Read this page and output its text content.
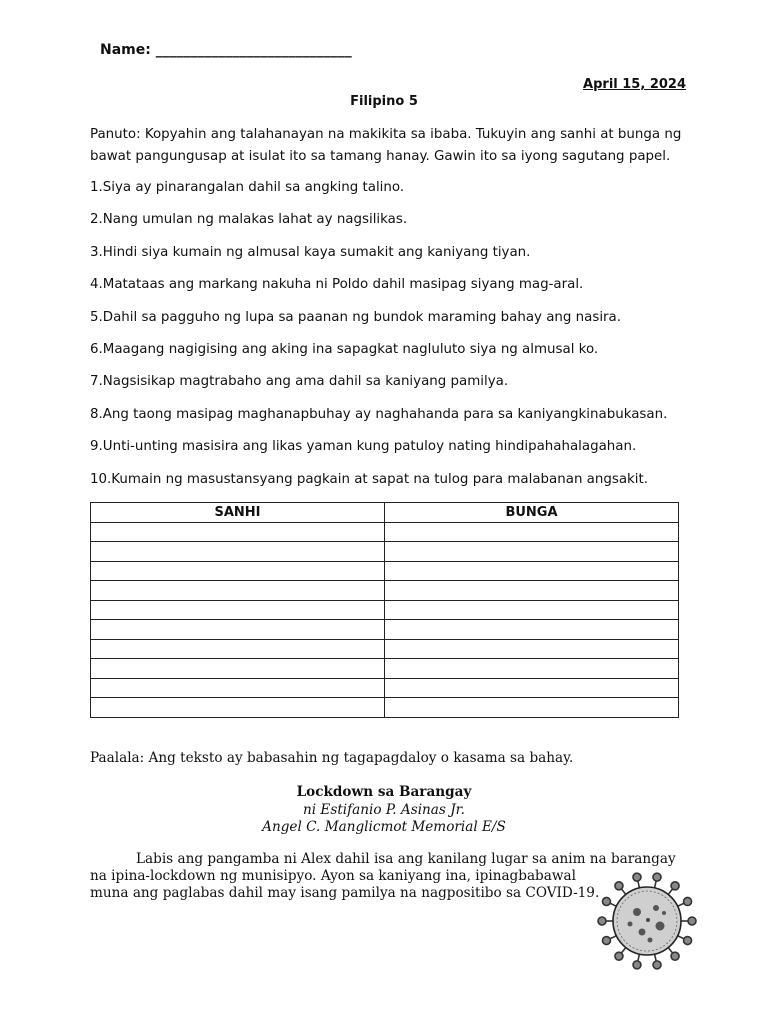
Name: ____________________________
April 15, 2024
Filipino 5
Panuto: Kopyahin ang talahanayan na makikita sa ibaba. Tukuyin ang sanhi at bunga ng bawat pangungusap at isulat ito sa tamang hanay. Gawin ito sa iyong sagutang papel.
1.Siya ay pinarangalan dahil sa angking talino.
2.Nang umulan ng malakas lahat ay nagsilikas.
3.Hindi siya kumain ng almusal kaya sumakit ang kaniyang tiyan.
4.Matataas ang markang nakuha ni Poldo dahil masipag siyang mag-aral.
5.Dahil sa pagguho ng lupa sa paanan ng bundok maraming bahay ang nasira.
6.Maagang nagigising ang aking ina sapagkat nagluluto siya ng almusal ko.
7.Nagsisikap magtrabaho ang ama dahil sa kaniyang pamilya.
8.Ang taong masipag maghanapbuhay ay naghahanda para sa kaniyangkinabukasan.
9.Unti-unting masisira ang likas yaman kung patuloy nating hindipahahalagahan.
10.Kumain ng masustansyang pagkain at sapat na tulog para malabanan angsakit.
SANHI	BUNGA

Paalala: Ang teksto ay babasahin ng tagapagdaloy o kasama sa bahay.
Lockdown sa Barangay
ni Estifanio P. Asinas Jr.
Angel C. Manglicmot Memorial E/S

Labis ang pangamba ni Alex dahil isa ang kanilang lugar sa anim na barangay

na ipina-lockdown ng munisipyo. Ayon sa kaniyang ina, ipinagbabawal

muna ang paglabas dahil may isang pamilya na nagpositibo sa COVID-19.
